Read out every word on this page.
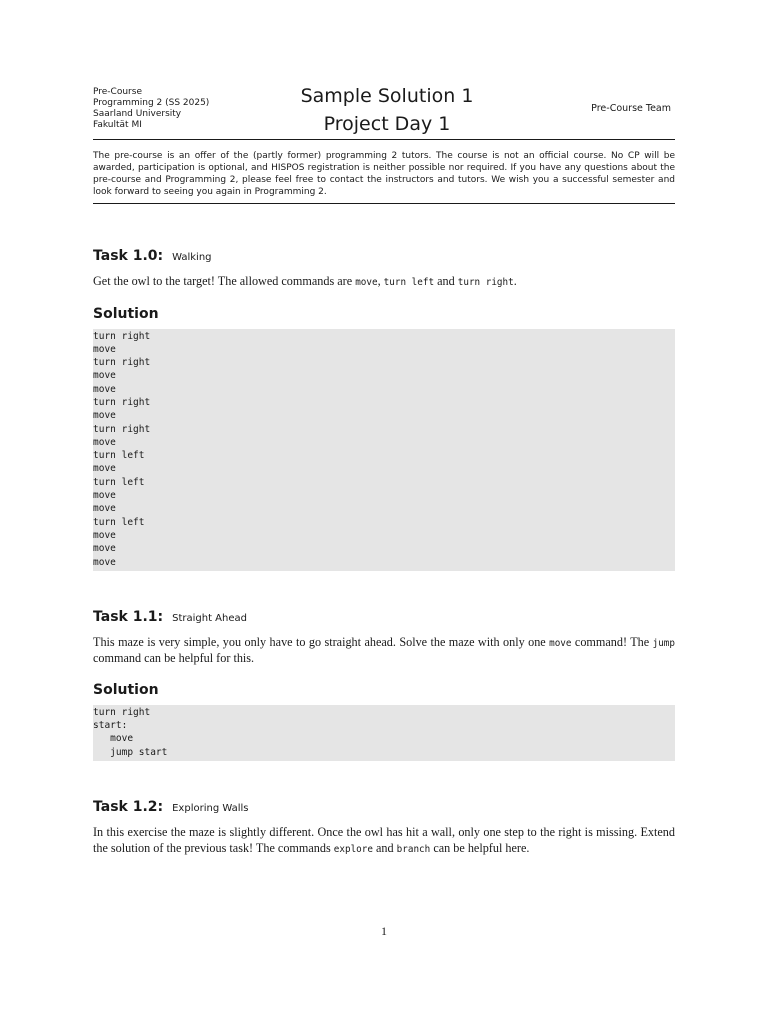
Pre-Course
Programming 2 (SS 2025)
Saarland University
Fakultät MI
Sample Solution 1
Project Day 1
Pre-Course Team

The pre-course is an offer of the (partly former) programming 2 tutors. The course is not an official course. No CP will be awarded, participation is optional, and HISPOS registration is neither possible nor required. If you have any questions about the pre-course and Programming 2, please feel free to contact the instructors and tutors. We wish you a successful semester and look forward to seeing you again in Programming 2.

Task 1.0: Walking

Get the owl to the target! The allowed commands are move, turn left and turn right.

Solution
turn right
move
turn right
move
move
turn right
move
turn right
move
turn left
move
turn left
move
move
turn left
move
move
move
Task 1.1: Straight Ahead

This maze is very simple, you only have to go straight ahead. Solve the maze with only one move command! The jump command can be helpful for this.

Solution
turn right
start:
move
jump start
Task 1.2: Exploring Walls

In this exercise the maze is slightly different. Once the owl has hit a wall, only one step to the right is missing. Extend the solution of the previous task! The commands explore and branch can be helpful here.

1
